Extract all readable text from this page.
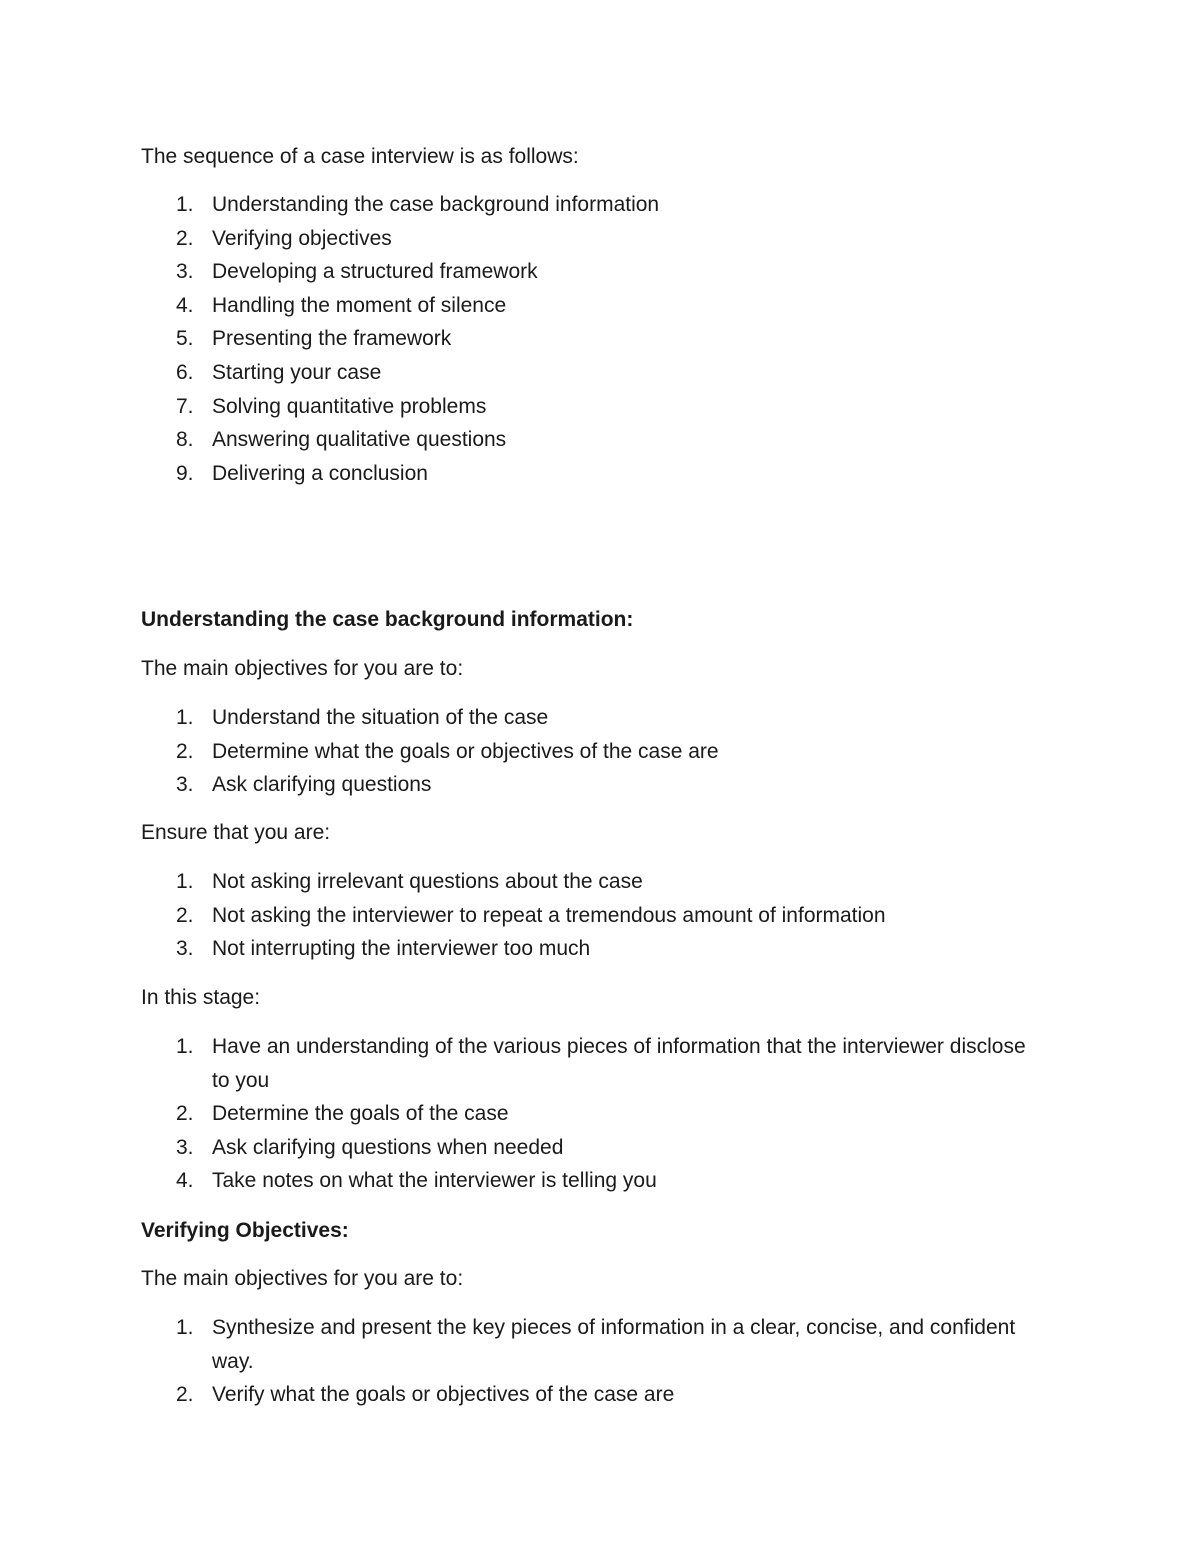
The sequence of a case interview is as follows:

1. Understanding the case background information
2. Verifying objectives
3. Developing a structured framework
4. Handling the moment of silence
5. Presenting the framework
6. Starting your case
7. Solving quantitative problems
8. Answering qualitative questions
9. Delivering a conclusion

Understanding the case background information:

The main objectives for you are to:

1. Understand the situation of the case
2. Determine what the goals or objectives of the case are
3. Ask clarifying questions

Ensure that you are:

1. Not asking irrelevant questions about the case
2. Not asking the interviewer to repeat a tremendous amount of information
3. Not interrupting the interviewer too much

In this stage:

1. Have an understanding of the various pieces of information that the interviewer disclose to you
2. Determine the goals of the case
3. Ask clarifying questions when needed
4. Take notes on what the interviewer is telling you

Verifying Objectives:

The main objectives for you are to:

1. Synthesize and present the key pieces of information in a clear, concise, and confident way.
2. Verify what the goals or objectives of the case are
